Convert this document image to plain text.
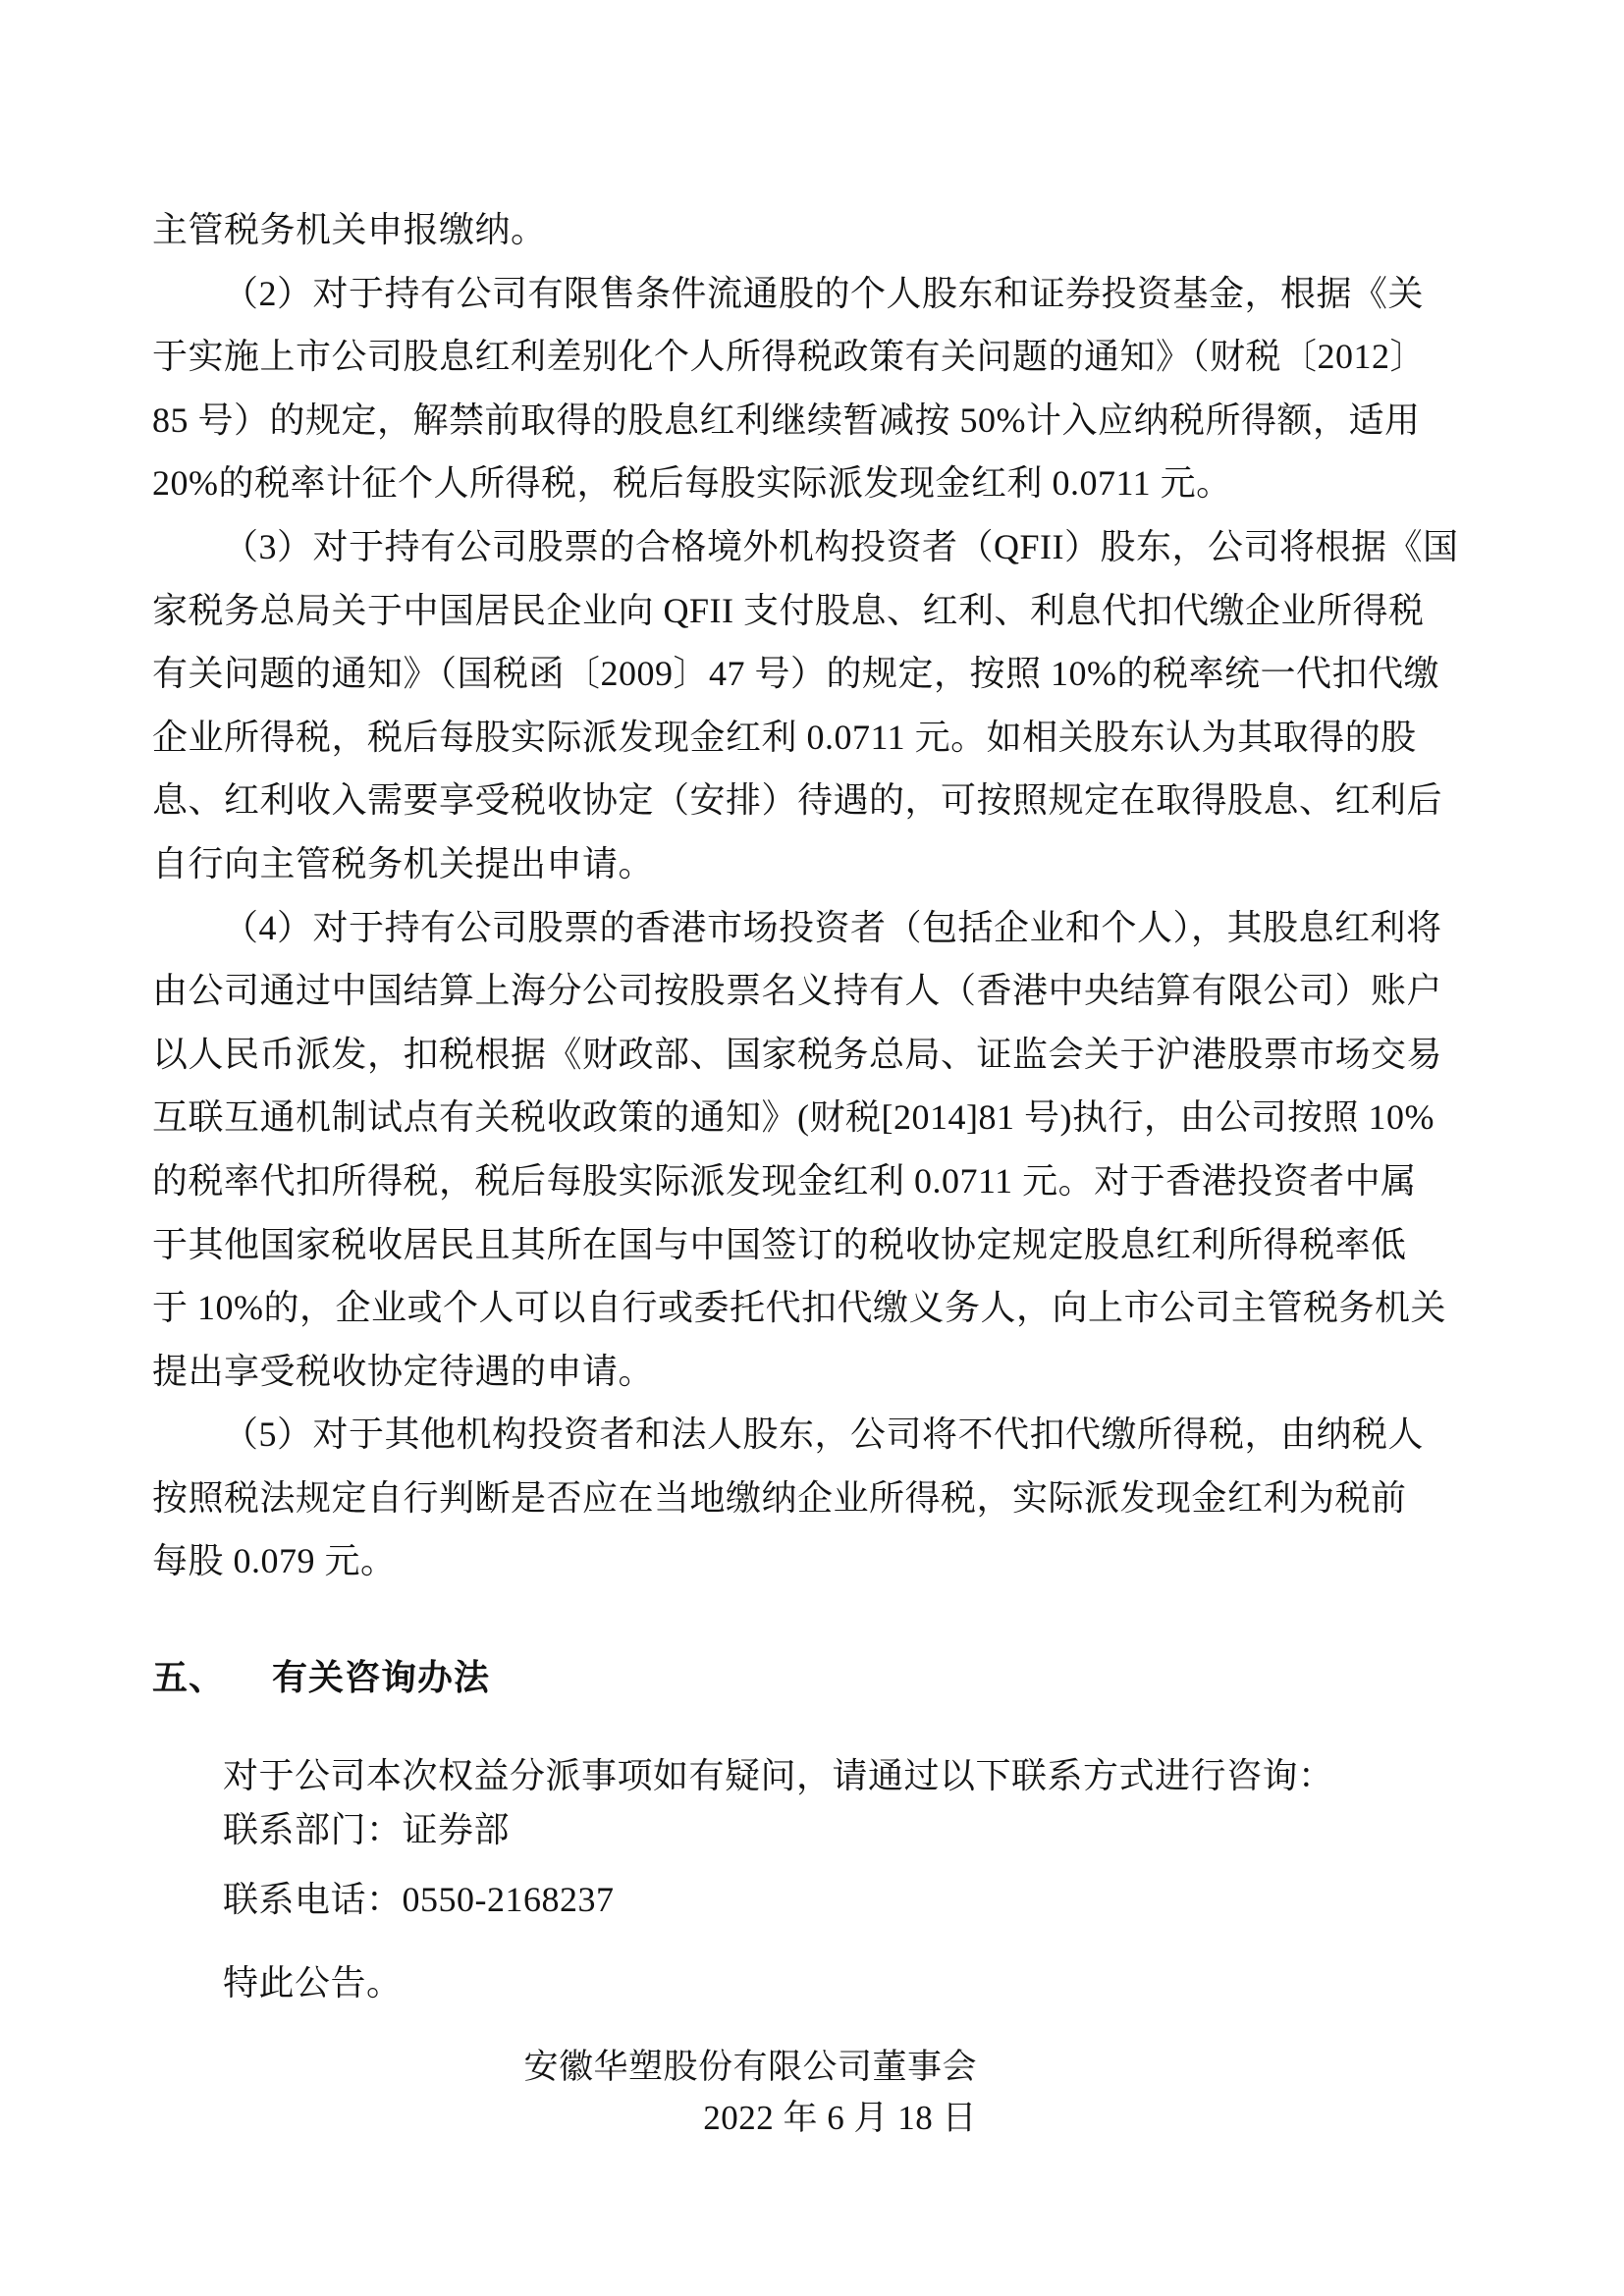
主管税务机关申报缴纳。
（2）对于持有公司有限售条件流通股的个人股东和证券投资基金，根据《关
于实施上市公司股息红利差别化个人所得税政策有关问题的通知》（财税〔2012〕
85 号）的规定，解禁前取得的股息红利继续暂减按 50%计入应纳税所得额，适用
20%的税率计征个人所得税，税后每股实际派发现金红利 0.0711 元。
（3）对于持有公司股票的合格境外机构投资者（QFII）股东，公司将根据《国
家税务总局关于中国居民企业向 QFII 支付股息、红利、利息代扣代缴企业所得税
有关问题的通知》（国税函〔2009〕47 号）的规定，按照 10%的税率统一代扣代缴
企业所得税，税后每股实际派发现金红利 0.0711 元。如相关股东认为其取得的股
息、红利收入需要享受税收协定（安排）待遇的，可按照规定在取得股息、红利后
自行向主管税务机关提出申请。
（4）对于持有公司股票的香港市场投资者（包括企业和个人），其股息红利将
由公司通过中国结算上海分公司按股票名义持有人（香港中央结算有限公司）账户
以人民币派发，扣税根据《财政部、国家税务总局、证监会关于沪港股票市场交易
互联互通机制试点有关税收政策的通知》(财税[2014]81 号)执行，由公司按照 10%
的税率代扣所得税，税后每股实际派发现金红利 0.0711 元。对于香港投资者中属
于其他国家税收居民且其所在国与中国签订的税收协定规定股息红利所得税率低
于 10%的，企业或个人可以自行或委托代扣代缴义务人，向上市公司主管税务机关
提出享受税收协定待遇的申请。
（5）对于其他机构投资者和法人股东，公司将不代扣代缴所得税，由纳税人
按照税法规定自行判断是否应在当地缴纳企业所得税，实际派发现金红利为税前
每股 0.079 元。
五、 有关咨询办法
对于公司本次权益分派事项如有疑问，请通过以下联系方式进行咨询：
联系部门：证券部
联系电话：0550-2168237
特此公告。
安徽华塑股份有限公司董事会
2022 年 6 月 18 日
